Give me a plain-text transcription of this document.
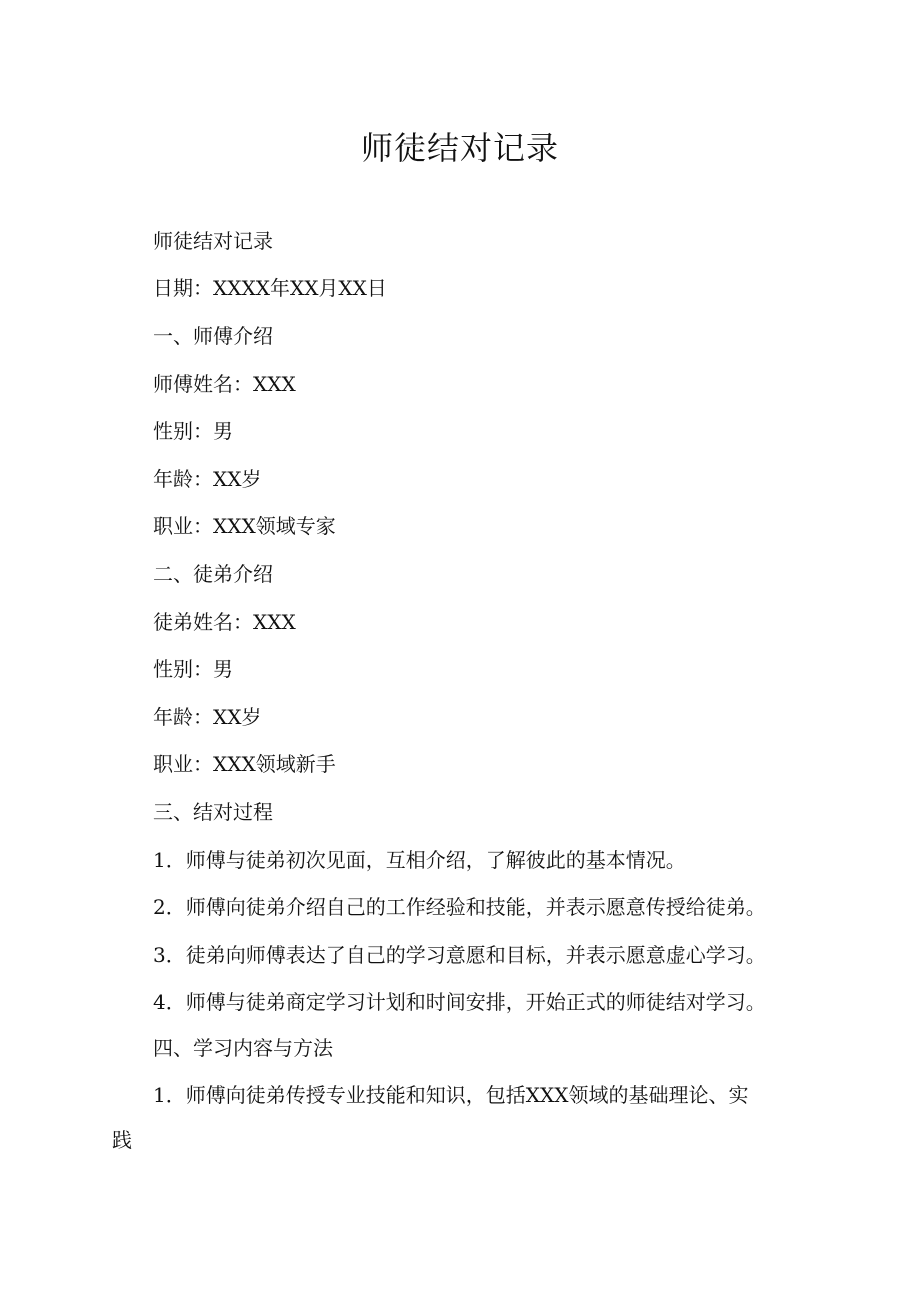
师徒结对记录

师徒结对记录

日期：XXXX年XX月XX日

一、师傅介绍

师傅姓名：XXX

性别：男

年龄：XX岁

职业：XXX领域专家

二、徒弟介绍

徒弟姓名：XXX

性别：男

年龄：XX岁

职业：XXX领域新手

三、结对过程

1．师傅与徒弟初次见面，互相介绍，了解彼此的基本情况。

2．师傅向徒弟介绍自己的工作经验和技能，并表示愿意传授给徒弟。

3．徒弟向师傅表达了自己的学习意愿和目标，并表示愿意虚心学习。

4．师傅与徒弟商定学习计划和时间安排，开始正式的师徒结对学习。

四、学习内容与方法

1．师傅向徒弟传授专业技能和知识，包括XXX领域的基础理论、实

践
